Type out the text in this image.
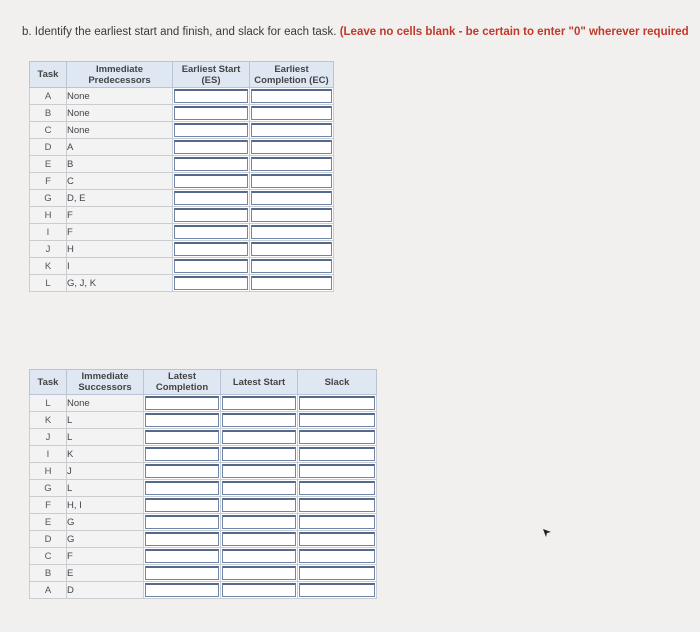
b. Identify the earliest start and finish, and slack for each task. (Leave no cells blank - be certain to enter "0" wherever required
Task	Immediate Predecessors	Earliest Start (ES)	Earliest Completion (EC)
A	None	

B	None	

C	None	

D	A	

E	B	

F	C	

G	D, E	

H	F	

I	F	

J	H	

K	I	

L	G, J, K	

Task	Immediate Successors	Latest Completion	Latest Start	Slack
L	None	

K	L	

J	L	

I	K	

H	J	

G	L	

F	H, I	

E	G	

D	G	

C	F	

B	E	

A	D	
